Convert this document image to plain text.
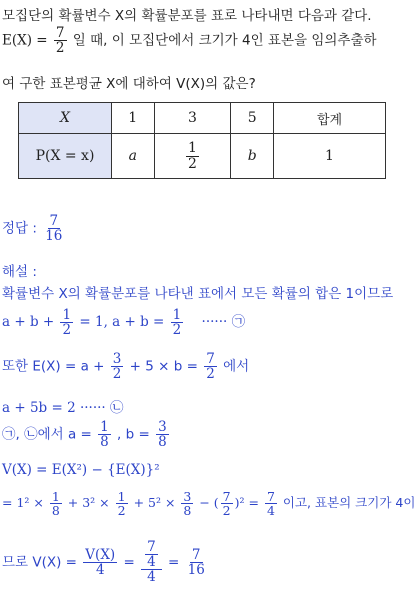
모집단의 확률변수 X의 확률분포를 표로 나타내면 다음과 같다.
$E(X) = \frac{7}{2}$ 일 때, 이 모집단에서 크기가 4인 표본을 임의추출하
여 구한 표본평균 X에 대하여 V(X)의 값은?
X	1	3	5	합계
P(X = x)	a	$\frac{1}{2}$	b	1
정답 : $\frac{7}{16}$
해설 :
확률변수 X의 확률분포를 나타낸 표에서 모든 확률의 합은 1이므로
$a + b + \frac{1}{2} = 1$, $a + b = \frac{1}{2}$ ······ ㉠
또한 $E(X) = a + \frac{3}{2} + 5 \times b = \frac{7}{2}$ 에서
a + 5b = 2 ······ ㉡
㉠, ㉡에서 $a = \frac{1}{8}$ , $b = \frac{3}{8}$
V(X) = E(X²) − {E(X)}²
= $1^2 \times \frac{1}{8} + 3^2 \times \frac{1}{2} + 5^2 \times \frac{3}{8}$ − ( $\frac{7}{2} )^2 = \frac{7}{4}$ 이고, 표본의 크기가 4이
므로 $V(X) = \frac{V(X)}{4} = \frac{\frac{7}{4}}{4} = \frac{7}{16}$
